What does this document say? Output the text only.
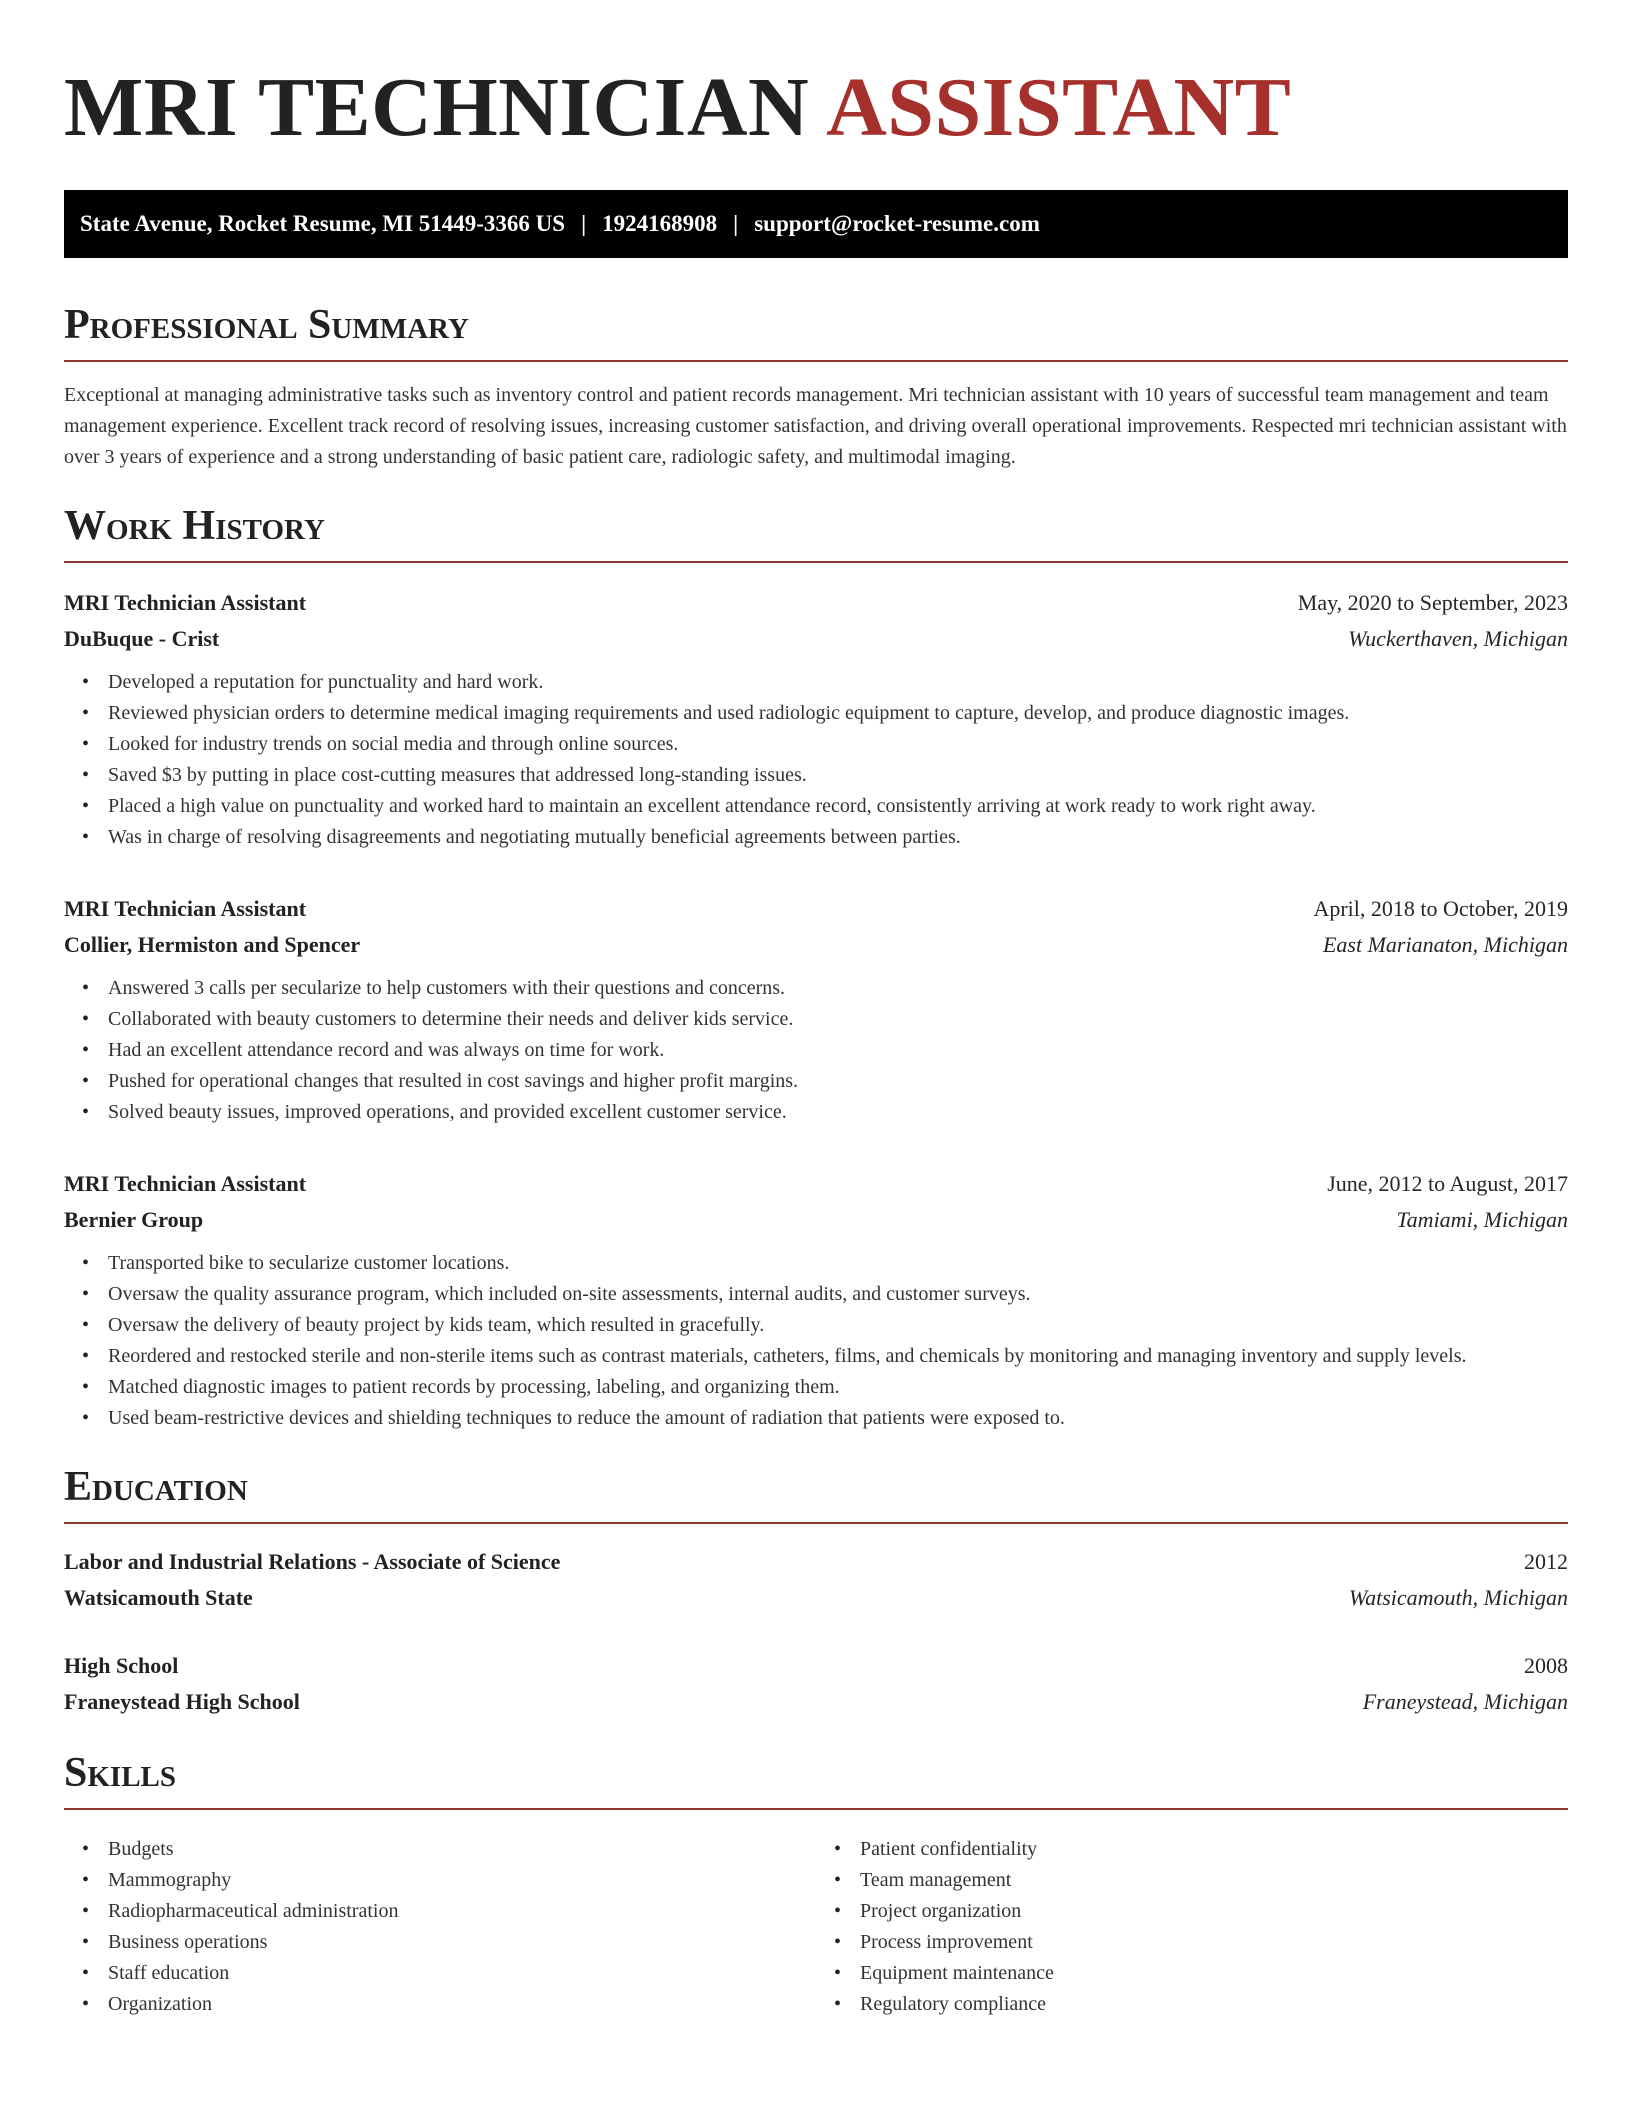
MRI TECHNICIAN ASSISTANT
State Avenue, Rocket Resume, MI 51449-3366 US | 1924168908 | support@rocket-resume.com
Professional Summary

Exceptional at managing administrative tasks such as inventory control and patient records management. Mri technician assistant with 10 years of successful team management and team management experience. Excellent track record of resolving issues, increasing customer satisfaction, and driving overall operational improvements. Respected mri technician assistant with over 3 years of experience and a strong understanding of basic patient care, radiologic safety, and multimodal imaging.

Work History
MRI Technician Assistant	May, 2020 to September, 2023
DuBuque - Crist	Wuckerthaven, Michigan
• Developed a reputation for punctuality and hard work.
• Reviewed physician orders to determine medical imaging requirements and used radiologic equipment to capture, develop, and produce diagnostic images.
• Looked for industry trends on social media and through online sources.
• Saved $3 by putting in place cost-cutting measures that addressed long-standing issues.
• Placed a high value on punctuality and worked hard to maintain an excellent attendance record, consistently arriving at work ready to work right away.
• Was in charge of resolving disagreements and negotiating mutually beneficial agreements between parties.
MRI Technician Assistant	April, 2018 to October, 2019
Collier, Hermiston and Spencer	East Marianaton, Michigan
• Answered 3 calls per secularize to help customers with their questions and concerns.
• Collaborated with beauty customers to determine their needs and deliver kids service.
• Had an excellent attendance record and was always on time for work.
• Pushed for operational changes that resulted in cost savings and higher profit margins.
• Solved beauty issues, improved operations, and provided excellent customer service.
MRI Technician Assistant	June, 2012 to August, 2017
Bernier Group	Tamiami, Michigan
• Transported bike to secularize customer locations.
• Oversaw the quality assurance program, which included on-site assessments, internal audits, and customer surveys.
• Oversaw the delivery of beauty project by kids team, which resulted in gracefully.
• Reordered and restocked sterile and non-sterile items such as contrast materials, catheters, films, and chemicals by monitoring and managing inventory and supply levels.
• Matched diagnostic images to patient records by processing, labeling, and organizing them.
• Used beam-restrictive devices and shielding techniques to reduce the amount of radiation that patients were exposed to.
Education
Labor and Industrial Relations - Associate of Science	2012
Watsicamouth State	Watsicamouth, Michigan
High School	2008
Franeystead High School	Franeystead, Michigan
Skills
• Budgets
• Mammography
• Radiopharmaceutical administration
• Business operations
• Staff education
• Organization
• Patient confidentiality
• Team management
• Project organization
• Process improvement
• Equipment maintenance
• Regulatory compliance
